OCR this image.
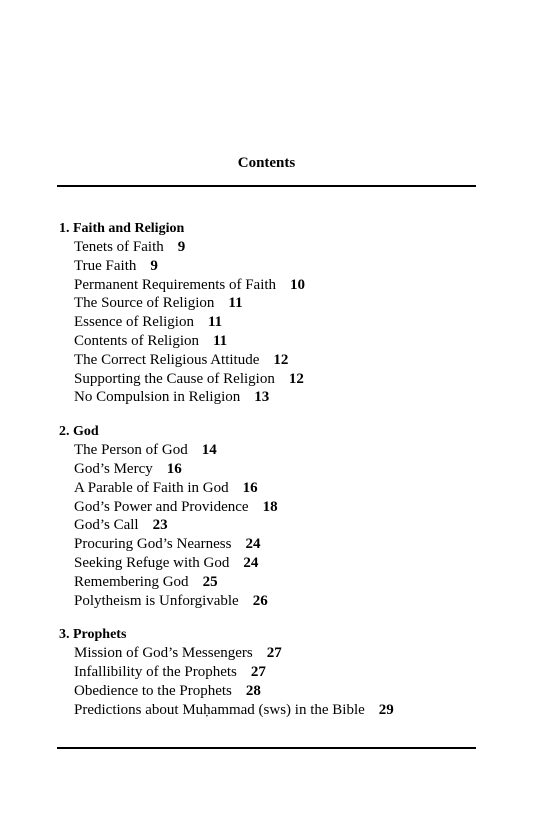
Contents
1. Faith and Religion
Tenets of Faith 9
True Faith 9
Permanent Requirements of Faith 10
The Source of Religion 11
Essence of Religion 11
Contents of Religion 11
The Correct Religious Attitude 12
Supporting the Cause of Religion 12
No Compulsion in Religion 13
2. God
The Person of God 14
God’s Mercy 16
A Parable of Faith in God 16
God’s Power and Providence 18
God’s Call 23
Procuring God’s Nearness 24
Seeking Refuge with God 24
Remembering God 25
Polytheism is Unforgivable 26
3. Prophets
Mission of God’s Messengers 27
Infallibility of the Prophets 27
Obedience to the Prophets 28
Predictions about Muḥammad (sws) in the Bible 29
